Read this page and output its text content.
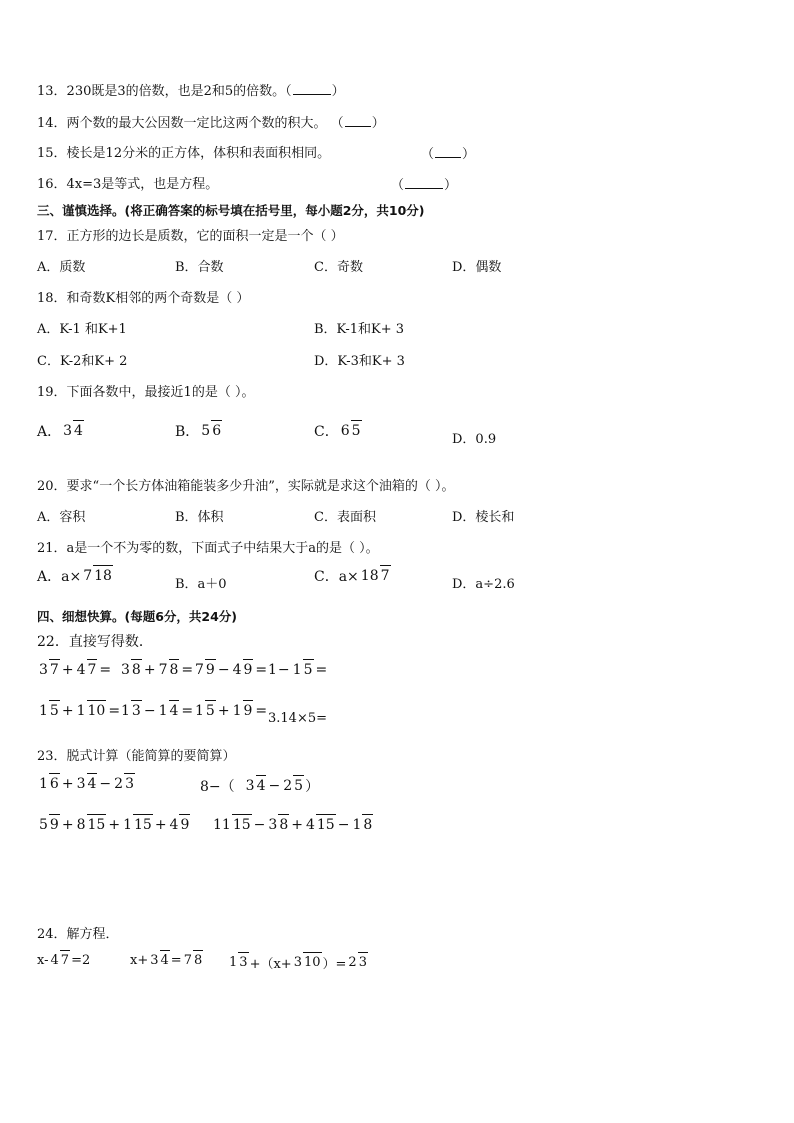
13．230既是3的倍数，也是2和5的倍数。（	）
14．两个数的最大公因数一定比这两个数的积大。 （ ）
15．棱长是12分米的正方体，体积和表面积相同。	（ ）
16．4x=3是等式，也是方程。	（	）
三、谨慎选择。(将正确答案的标号填在括号里，每小题2分，共10分)
17．正方形的边长是质数，它的面积一定是一个（ ）
A．质数	B．合数	C．奇数	D．偶数
18．和奇数K相邻的两个奇数是（ ）
A．K-1 和K+1	B．K-1和K+ 3
C．K-2和K+ 2	D．K-3和K+ 3
19．下面各数中，最接近1的是（ ）。
A． 3 4	B． 5 6	C． 6 5
D．0.9
20．要求“一个长方体油箱能装多少升油”，实际就是求这个油箱的（ ）。
A．容积	B．体积	C．表面积	D．棱长和
21．a是一个不为零的数，下面式子中结果大于a的是（ ）。
A．a× 7 18
B．a＋0	C．a× 18 7
D．a÷2.6
四、细想快算。(每题6分，共24分)
22．直接写得数．
3 7 + 4 7 = 3 8 + 7 8 = 7 9 − 4 9 = 1 − 1 5 =
1 5 + 1 10 = 1 3 − 1 4 = 1 5 + 1 9 = 3.14×5=
23．脱式计算（能简算的要简算）
1 6 + 3 4 − 2 3	8−（ 3 4 − 2 5 ）
5 9 + 8 15 + 1 15 + 4 9 11 15 − 3 8 + 4 15 − 1 8
24．解方程．
x- 4 7 =2	x+ 3 4 = 7 8 1 3 +（x+ 3 10 ）= 2 3
